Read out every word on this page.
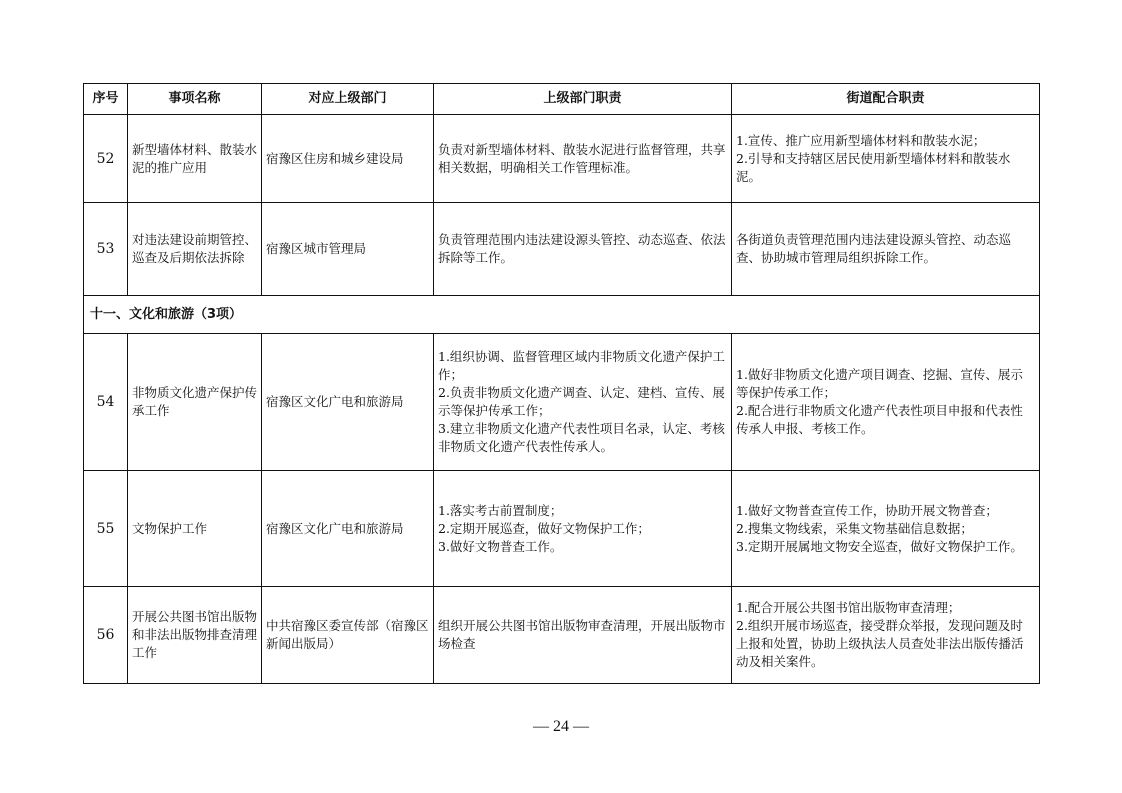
序号	事项名称	对应上级部门	上级部门职责	街道配合职责
52	新型墙体材料、散装水泥的推广应用	宿豫区住房和城乡建设局	负责对新型墙体材料、散装水泥进行监督管理，共享相关数据，明确相关工作管理标准。	1.宣传、推广应用新型墙体材料和散装水泥；
2.引导和支持辖区居民使用新型墙体材料和散装水泥。

53	对违法建设前期管控、巡查及后期依法拆除	宿豫区城市管理局	负责管理范围内违法建设源头管控、动态巡查、依法拆除等工作。	各街道负责管理范围内违法建设源头管控、动态巡查、协助城市管理局组织拆除工作。

十一、文化和旅游（3项）				
54	非物质文化遗产保护传承工作	宿豫区文化广电和旅游局	1.组织协调、监督管理区域内非物质文化遗产保护工作；
2.负责非物质文化遗产调查、认定、建档、宣传、展示等保护传承工作；
3.建立非物质文化遗产代表性项目名录，认定、考核非物质文化遗产代表性传承人。	1.做好非物质文化遗产项目调查、挖掘、宣传、展示等保护传承工作；
2.配合进行非物质文化遗产代表性项目申报和代表性传承人申报、考核工作。

55	文物保护工作	宿豫区文化广电和旅游局	1.落实考古前置制度；
2.定期开展巡查，做好文物保护工作；
3.做好文物普查工作。	1.做好文物普查宣传工作，协助开展文物普查；
2.搜集文物线索，采集文物基础信息数据；
3.定期开展属地文物安全巡查，做好文物保护工作。

56	开展公共图书馆出版物和非法出版物排查清理工作	中共宿豫区委宣传部（宿豫区新闻出版局）	组织开展公共图书馆出版物审查清理，开展出版物市场检查	1.配合开展公共图书馆出版物审查清理；
2.组织开展市场巡查，接受群众举报，发现问题及时上报和处置，协助上级执法人员查处非法出版传播活动及相关案件。
— 24 —
